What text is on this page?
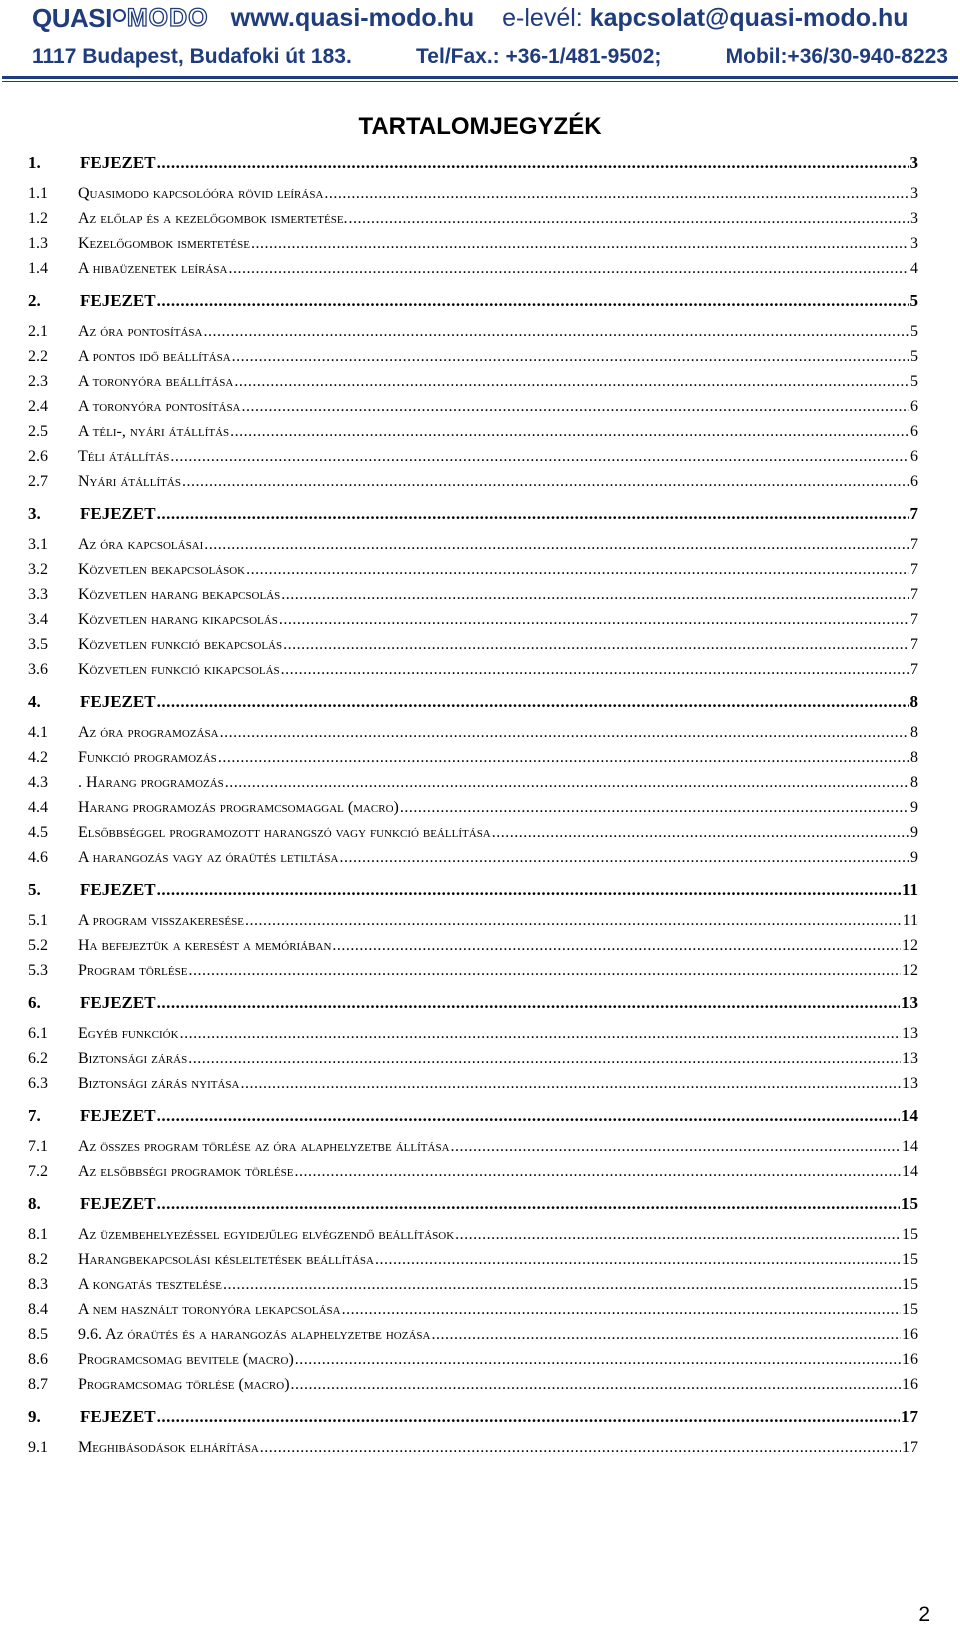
QUASI MODO www.quasi-modo.hu e-levél: kapcsolat@quasi-modo.hu
1117 Budapest, Budafoki út 183.	Tel/Fax.: +36-1/481-9502;	Mobil:+36/30-940-8223
TARTALOMJEGYZÉK
1.	FEJEZET .....	3
1.1	Quasimodo kapcsolóóra rövid leírása .....	3
1.2	Az előlap és a kezelőgombok ismertetése. .....	3
1.3	Kezelőgombok ismertetése .....	3
1.4	A hibaüzenetek leírása .....	4
2.	FEJEZET .....	5
2.1	Az óra pontosítása .....	5
2.2	A pontos idő beállítása .....	5
2.3	A toronyóra beállítása .....	5
2.4	A toronyóra pontosítása .....	6
2.5	A téli-, nyári átállítás .....	6
2.6	Téli átállítás .....	6
2.7	Nyári átállítás .....	6
3.	FEJEZET .....	7
3.1	Az óra kapcsolásai .....	7
3.2	Közvetlen bekapcsolások .....	7
3.3	Közvetlen harang bekapcsolás .....	7
3.4	Közvetlen harang kikapcsolás .....	7
3.5	Közvetlen funkció bekapcsolás .....	7
3.6	Közvetlen funkció kikapcsolás .....	7
4.	FEJEZET .....	8
4.1	Az óra programozása .....	8
4.2	Funkció programozás .....	8
4.3	. Harang programozás .....	8
4.4	Harang programozás programcsomaggal (macro) .....	9
4.5	Elsőbbséggel programozott harangszó vagy funkció beállítása .....	9
4.6	A harangozás vagy az óraütés letiltása .....	9
5.	FEJEZET .....	11
5.1	A program visszakeresése .....	11
5.2	Ha befejeztük a keresést a memóriában .....	12
5.3	Program törlése .....	12
6.	FEJEZET .....	13
6.1	Egyéb funkciók .....	13
6.2	Biztonsági zárás .....	13
6.3	Biztonsági zárás nyitása .....	13
7.	FEJEZET .....	14
7.1	Az összes program törlése az óra alaphelyzetbe állítása .....	14
7.2	Az elsőbbségi programok törlése .....	14
8.	FEJEZET .....	15
8.1	Az üzembehelyezéssel egyidejűleg elvégzendő beállítások .....	15
8.2	Harangbekapcsolási késleltetések beállítása .....	15
8.3	A kongatás tesztelése .....	15
8.4	A nem használt toronyóra lekapcsolása .....	15
8.5	9.6. Az óraütés és a harangozás alaphelyzetbe hozása .....	16
8.6	Programcsomag bevitele (macro) .....	16
8.7	Programcsomag törlése (macro) .....	16
9.	FEJEZET .....	17
9.1	Meghibásodások elhárítása .....	17
2
